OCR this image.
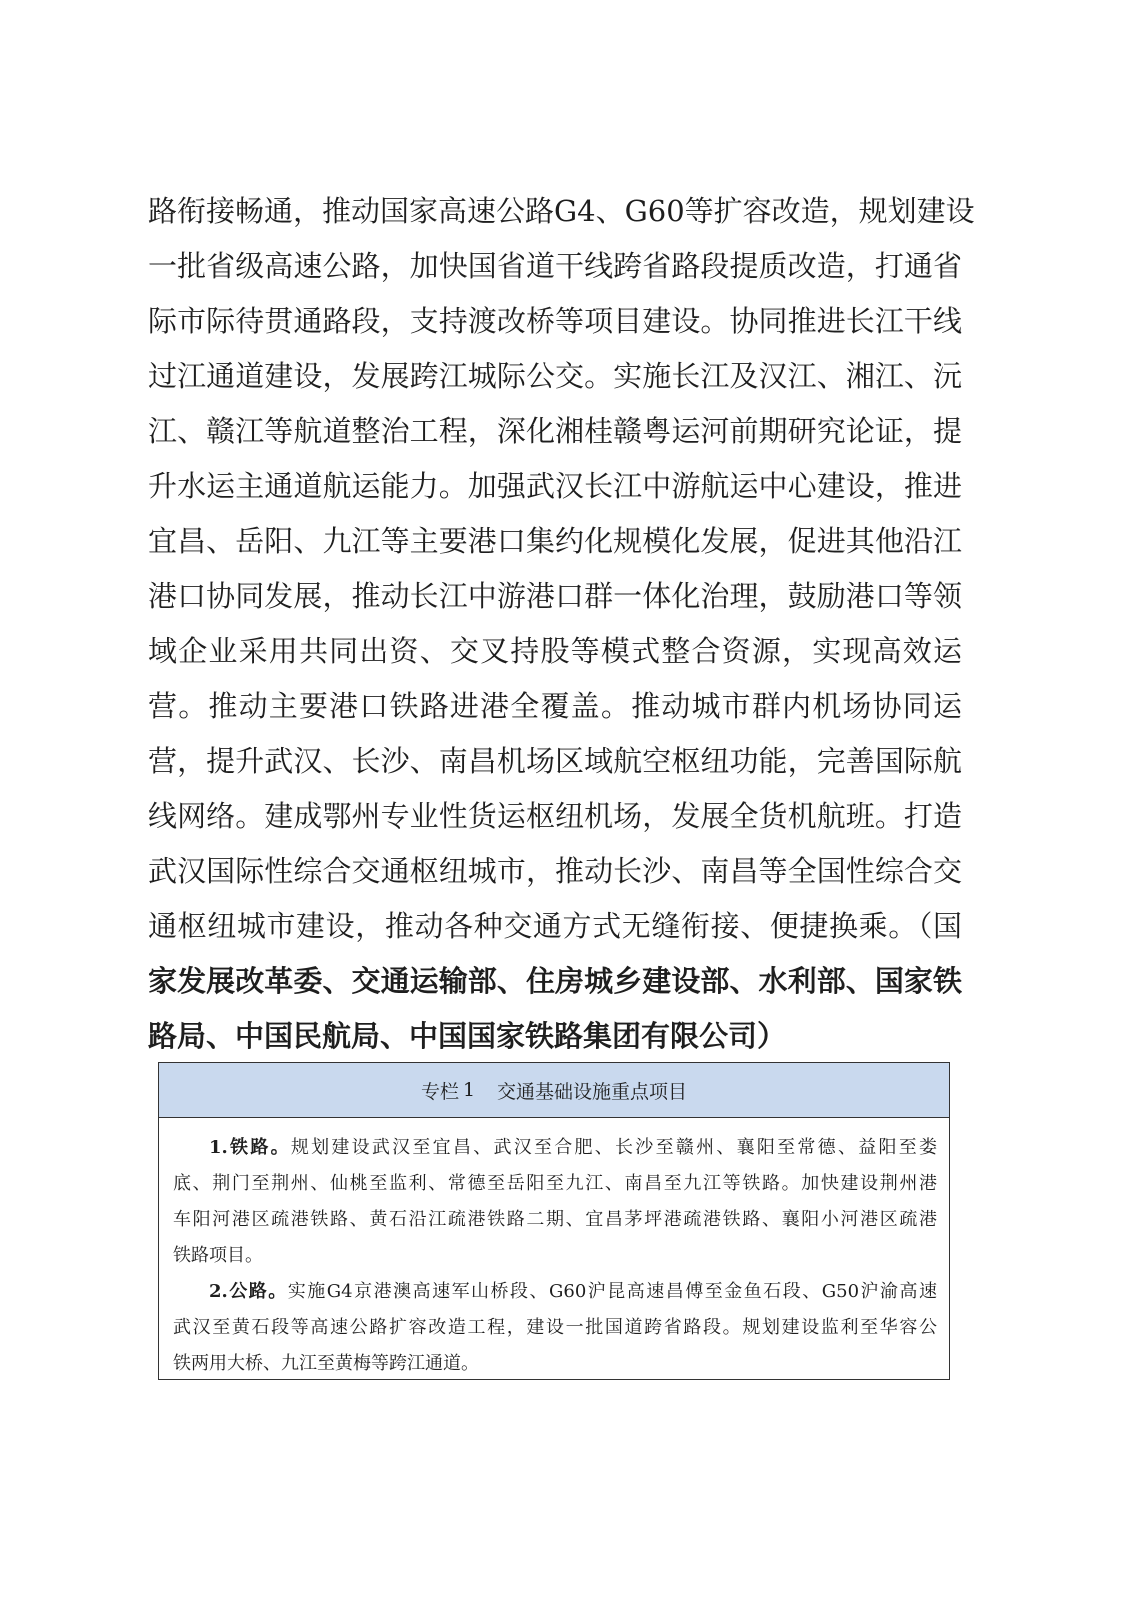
路衔接畅通，推动国家高速公路G4、G60等扩容改造，规划建设
一批省级高速公路，加快国省道干线跨省路段提质改造，打通省
际市际待贯通路段，支持渡改桥等项目建设。协同推进长江干线
过江通道建设，发展跨江城际公交。实施长江及汉江、湘江、沅
江、赣江等航道整治工程，深化湘桂赣粤运河前期研究论证，提
升水运主通道航运能力。加强武汉长江中游航运中心建设，推进
宜昌、岳阳、九江等主要港口集约化规模化发展，促进其他沿江
港口协同发展，推动长江中游港口群一体化治理，鼓励港口等领
域企业采用共同出资、交叉持股等模式整合资源，实现高效运
营。推动主要港口铁路进港全覆盖。推动城市群内机场协同运
营，提升武汉、长沙、南昌机场区域航空枢纽功能，完善国际航
线网络。建成鄂州专业性货运枢纽机场，发展全货机航班。打造
武汉国际性综合交通枢纽城市，推动长沙、南昌等全国性综合交
通枢纽城市建设，推动各种交通方式无缝衔接、便捷换乘。（国
家发展改革委、交通运输部、住房城乡建设部、水利部、国家铁
路局、中国民航局、中国国家铁路集团有限公司）
专栏 1 交通基础设施重点项目
1.铁路。规划建设武汉至宜昌、武汉至合肥、长沙至赣州、襄阳至常德、益阳至娄
底、荆门至荆州、仙桃至监利、常德至岳阳至九江、南昌至九江等铁路。加快建设荆州港
车阳河港区疏港铁路、黄石沿江疏港铁路二期、宜昌茅坪港疏港铁路、襄阳小河港区疏港
铁路项目。
2.公路。实施G4京港澳高速军山桥段、G60沪昆高速昌傅至金鱼石段、G50沪渝高速
武汉至黄石段等高速公路扩容改造工程，建设一批国道跨省路段。规划建设监利至华容公
铁两用大桥、九江至黄梅等跨江通道。
